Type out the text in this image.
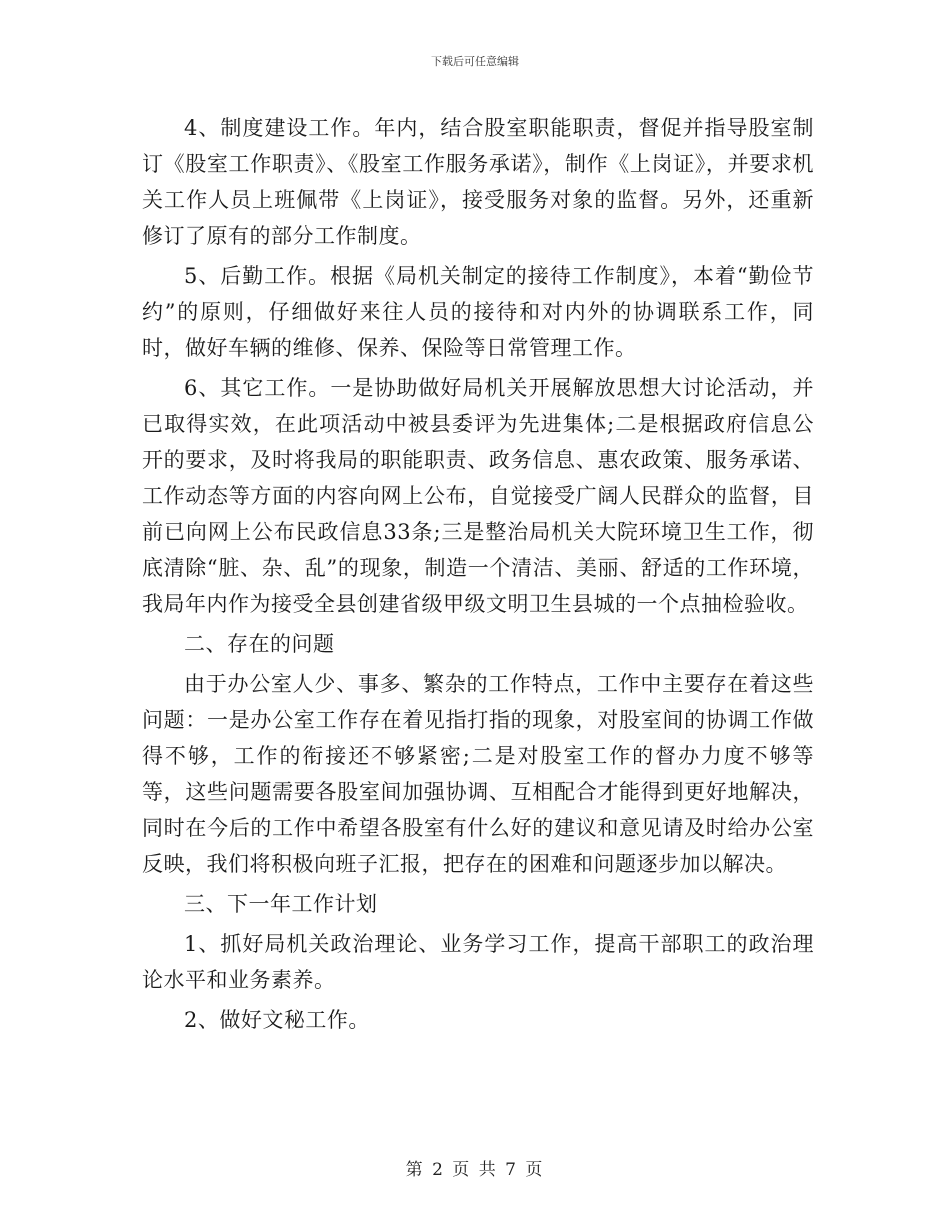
下载后可任意编辑

4、制度建设工作。年内，结合股室职能职责，督促并指导股室制订《股室工作职责》、《股室工作服务承诺》，制作《上岗证》，并要求机关工作人员上班佩带《上岗证》，接受服务对象的监督。另外，还重新修订了原有的部分工作制度。

5、后勤工作。根据《局机关制定的接待工作制度》，本着“勤俭节约”的原则，仔细做好来往人员的接待和对内外的协调联系工作，同时，做好车辆的维修、保养、保险等日常管理工作。

6、其它工作。一是协助做好局机关开展解放思想大讨论活动，并已取得实效，在此项活动中被县委评为先进集体;二是根据政府信息公开的要求，及时将我局的职能职责、政务信息、惠农政策、服务承诺、工作动态等方面的内容向网上公布，自觉接受广阔人民群众的监督，目前已向网上公布民政信息33条;三是整治局机关大院环境卫生工作，彻底清除“脏、杂、乱”的现象，制造一个清洁、美丽、舒适的工作环境，我局年内作为接受全县创建省级甲级文明卫生县城的一个点抽检验收。

二、存在的问题

由于办公室人少、事多、繁杂的工作特点，工作中主要存在着这些问题：一是办公室工作存在着见指打指的现象，对股室间的协调工作做得不够，工作的衔接还不够紧密;二是对股室工作的督办力度不够等等，这些问题需要各股室间加强协调、互相配合才能得到更好地解决，同时在今后的工作中希望各股室有什么好的建议和意见请及时给办公室反映，我们将积极向班子汇报，把存在的困难和问题逐步加以解决。

三、下一年工作计划

1、抓好局机关政治理论、业务学习工作，提高干部职工的政治理论水平和业务素养。

2、做好文秘工作。

第 2 页 共 7 页
